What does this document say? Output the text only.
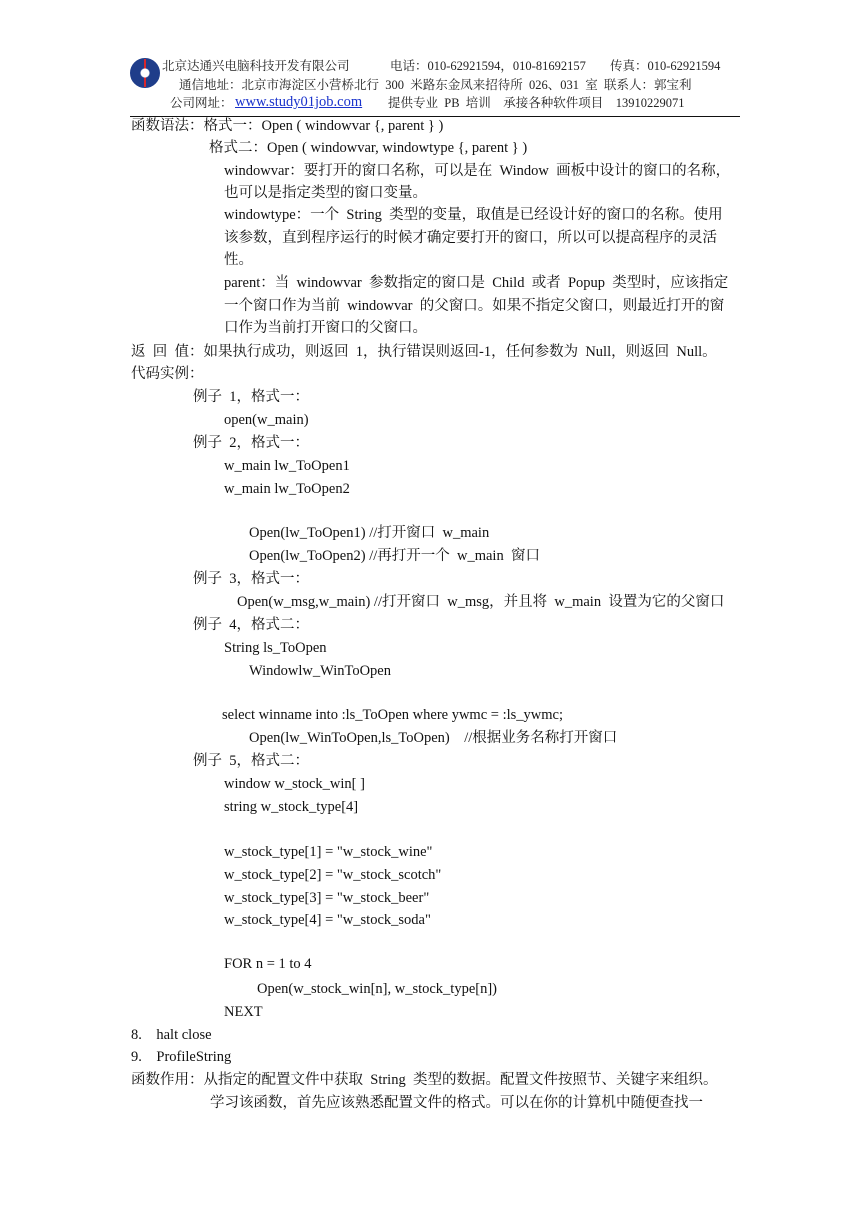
北京达通兴电脑科技开发有限公司	电话：010-62921594，010-81692157 传真：010-62921594
通信地址：北京市海淀区小营桥北行  300  米路东金凤来招待所  026、031  室  联系人：郭宝利
公司网址： www.study01job.com 提供专业  PB  培训    承接各种软件项目    13910229071
函数语法：格式一：Open ( windowvar {, parent } )
格式二：Open ( windowvar, windowtype {, parent } )
windowvar：要打开的窗口名称，可以是在  Window  画板中设计的窗口的名称，
也可以是指定类型的窗口变量。
windowtype：一个  String  类型的变量，取值是已经设计好的窗口的名称。使用
该参数，直到程序运行的时候才确定要打开的窗口，所以可以提高程序的灵活
性。
parent：当  windowvar  参数指定的窗口是  Child  或者  Popup  类型时，应该指定
一个窗口作为当前  windowvar  的父窗口。如果不指定父窗口，则最近打开的窗
口作为当前打开窗口的父窗口。
返  回  值：如果执行成功，则返回  1，执行错误则返回-1，任何参数为  Null，则返回  Null。
代码实例：
例子  1，格式一：
open(w_main)
例子  2，格式一：
w_main lw_ToOpen1
w_main lw_ToOpen2
Open(lw_ToOpen1) //打开窗口  w_main
Open(lw_ToOpen2) //再打开一个  w_main  窗口
例子  3，格式一：
Open(w_msg,w_main) //打开窗口  w_msg，并且将  w_main  设置为它的父窗口
例子  4，格式二：
String ls_ToOpen
Windowlw_WinToOpen
select winname into :ls_ToOpen where ywmc = :ls_ywmc;
Open(lw_WinToOpen,ls_ToOpen)    //根据业务名称打开窗口
例子  5，格式二：
window w_stock_win[ ]
string w_stock_type[4]
w_stock_type[1] = "w_stock_wine"
w_stock_type[2] = "w_stock_scotch"
w_stock_type[3] = "w_stock_beer"
w_stock_type[4] = "w_stock_soda"
FOR n = 1 to 4
Open(w_stock_win[n], w_stock_type[n])
NEXT
8.    halt close
9.    ProfileString
函数作用：从指定的配置文件中获取  String  类型的数据。配置文件按照节、关键字来组织。
学习该函数，首先应该熟悉配置文件的格式。可以在你的计算机中随便查找一
